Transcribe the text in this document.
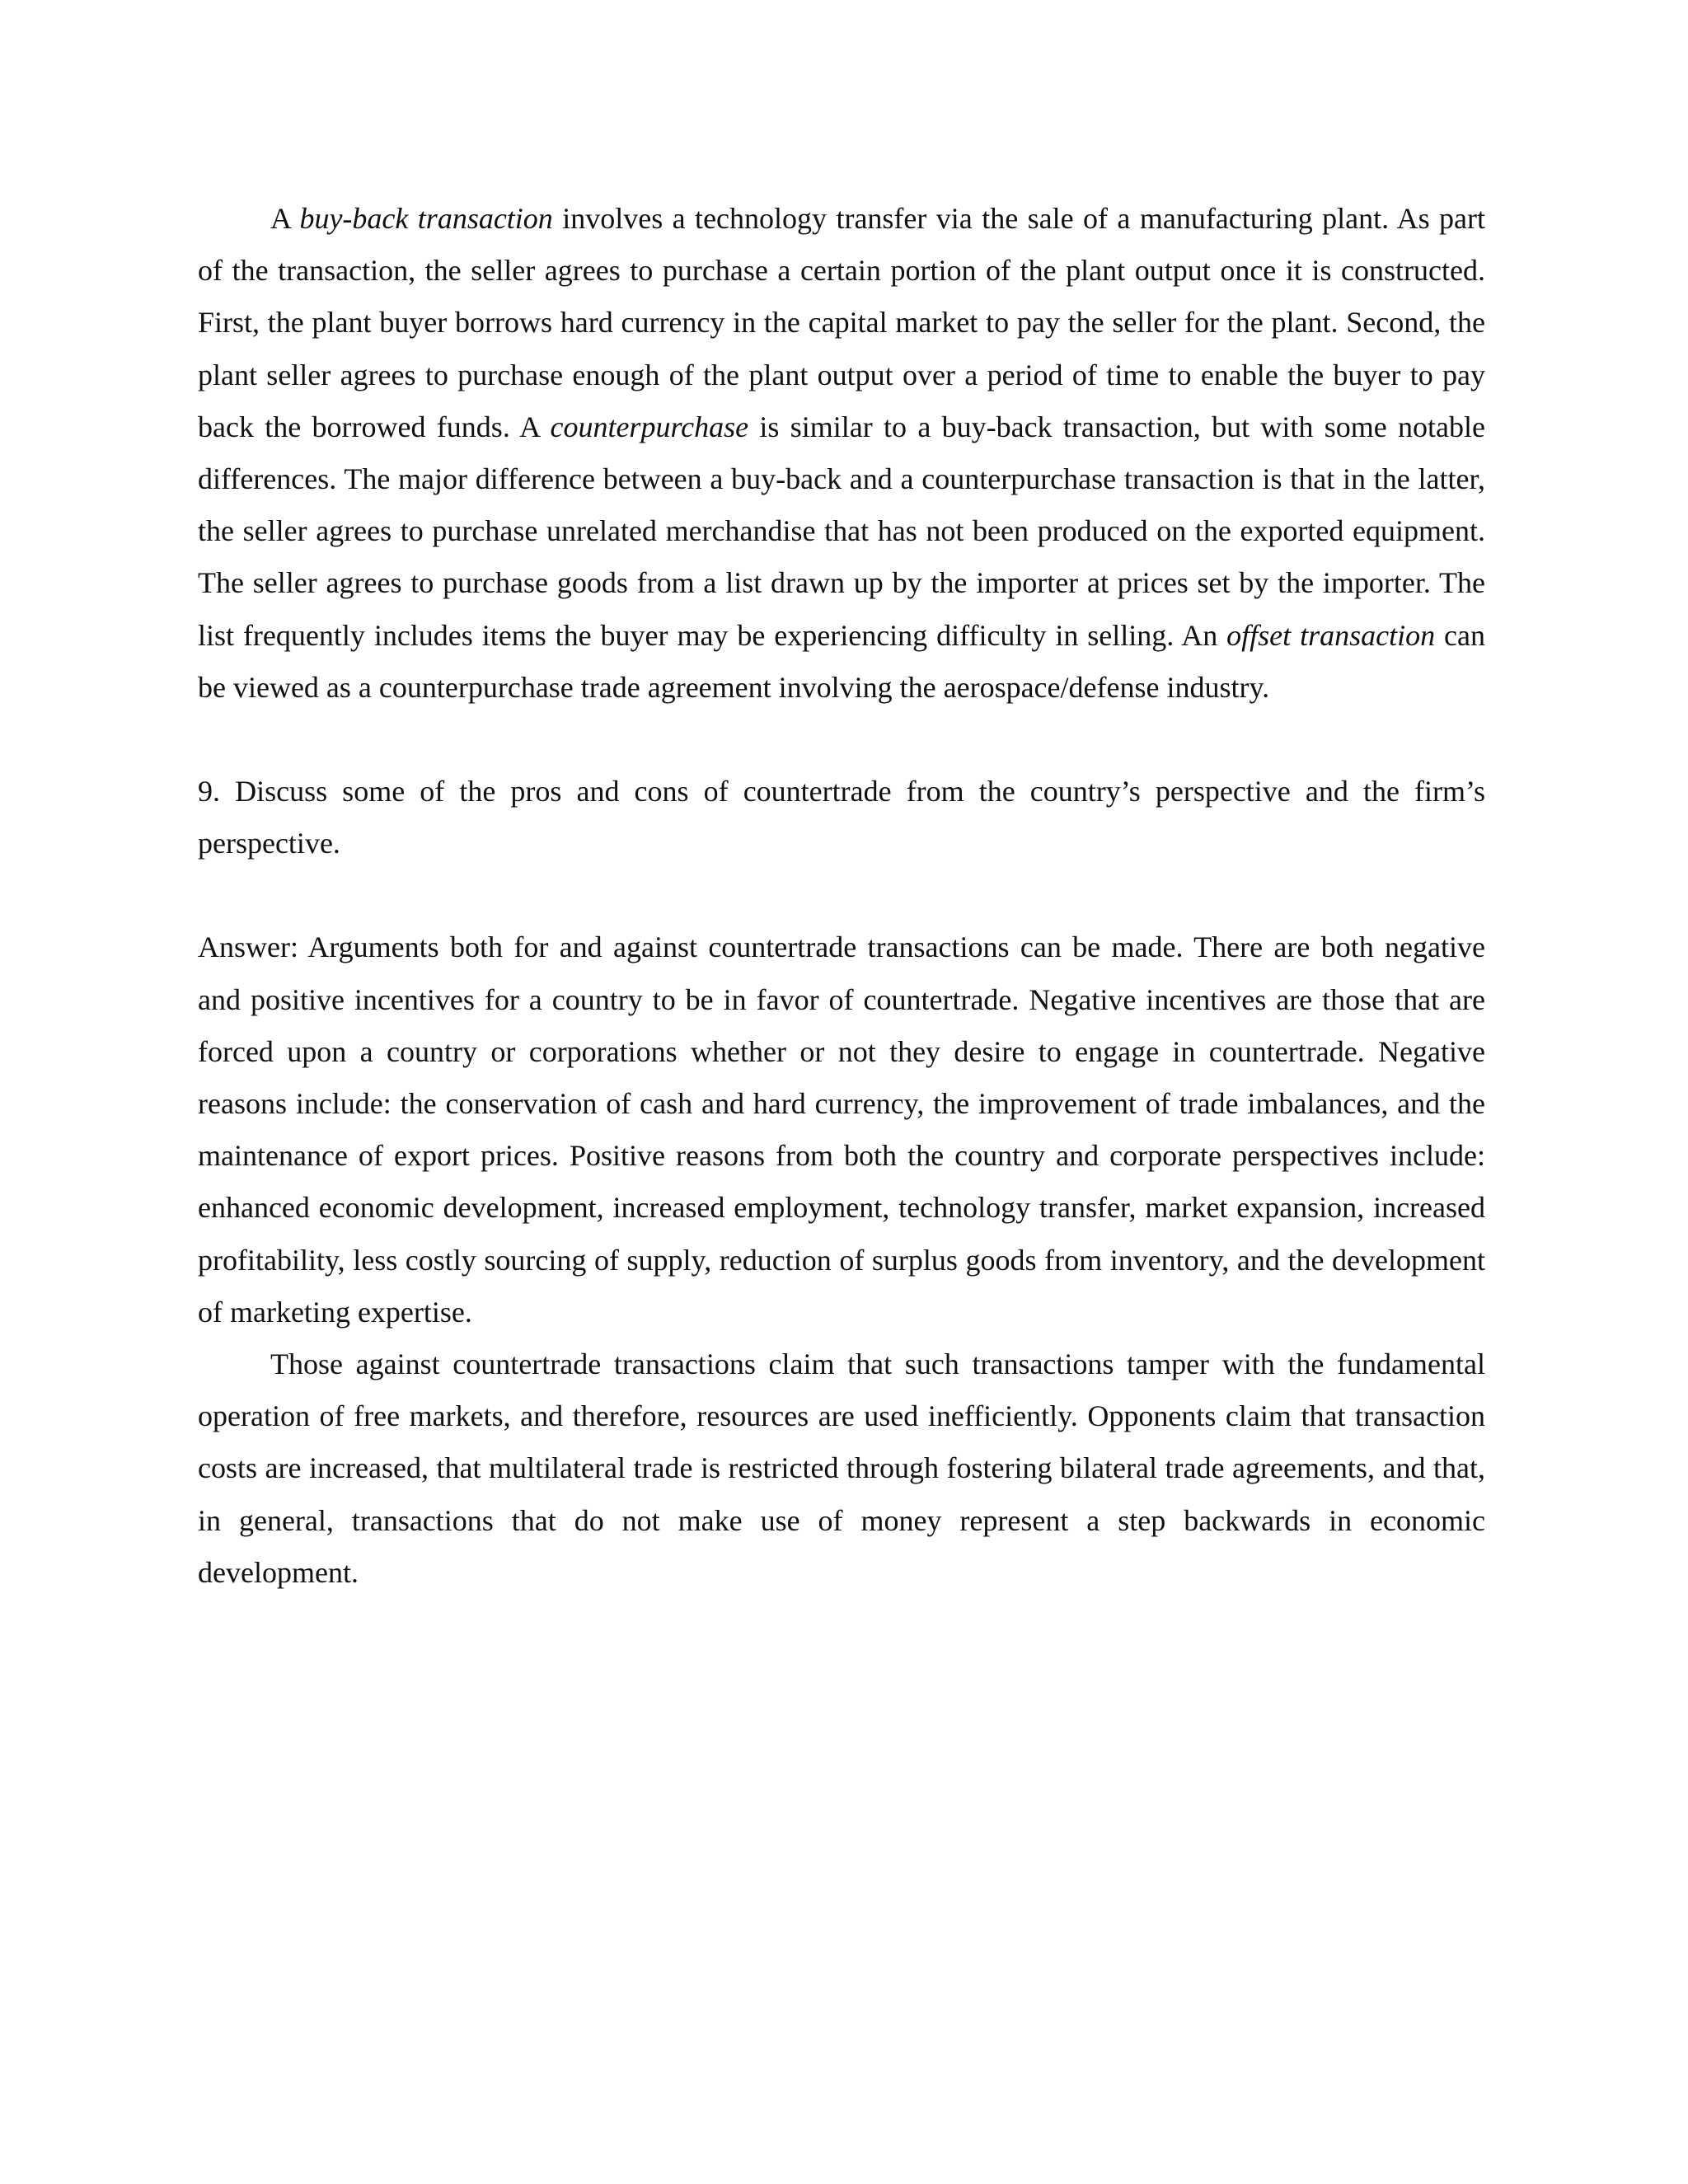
A buy-back transaction involves a technology transfer via the sale of a manufacturing plant. As part of the transaction, the seller agrees to purchase a certain portion of the plant output once it is constructed. First, the plant buyer borrows hard currency in the capital market to pay the seller for the plant. Second, the plant seller agrees to purchase enough of the plant output over a period of time to enable the buyer to pay back the borrowed funds. A counterpurchase is similar to a buy-back transaction, but with some notable differences. The major difference between a buy-back and a counterpurchase transaction is that in the latter, the seller agrees to purchase unrelated merchandise that has not been produced on the exported equipment. The seller agrees to purchase goods from a list drawn up by the importer at prices set by the importer. The list frequently includes items the buyer may be experiencing difficulty in selling. An offset transaction can be viewed as a counterpurchase trade agreement involving the aerospace/defense industry.

9. Discuss some of the pros and cons of countertrade from the country’s perspective and the firm’s perspective.

Answer: Arguments both for and against countertrade transactions can be made. There are both negative and positive incentives for a country to be in favor of countertrade. Negative incentives are those that are forced upon a country or corporations whether or not they desire to engage in countertrade. Negative reasons include: the conservation of cash and hard currency, the improvement of trade imbalances, and the maintenance of export prices. Positive reasons from both the country and corporate perspectives include: enhanced economic development, increased employment, technology transfer, market expansion, increased profitability, less costly sourcing of supply, reduction of surplus goods from inventory, and the development of marketing expertise.

Those against countertrade transactions claim that such transactions tamper with the fundamental operation of free markets, and therefore, resources are used inefficiently. Opponents claim that transaction costs are increased, that multilateral trade is restricted through fostering bilateral trade agreements, and that, in general, transactions that do not make use of money represent a step backwards in economic development.
